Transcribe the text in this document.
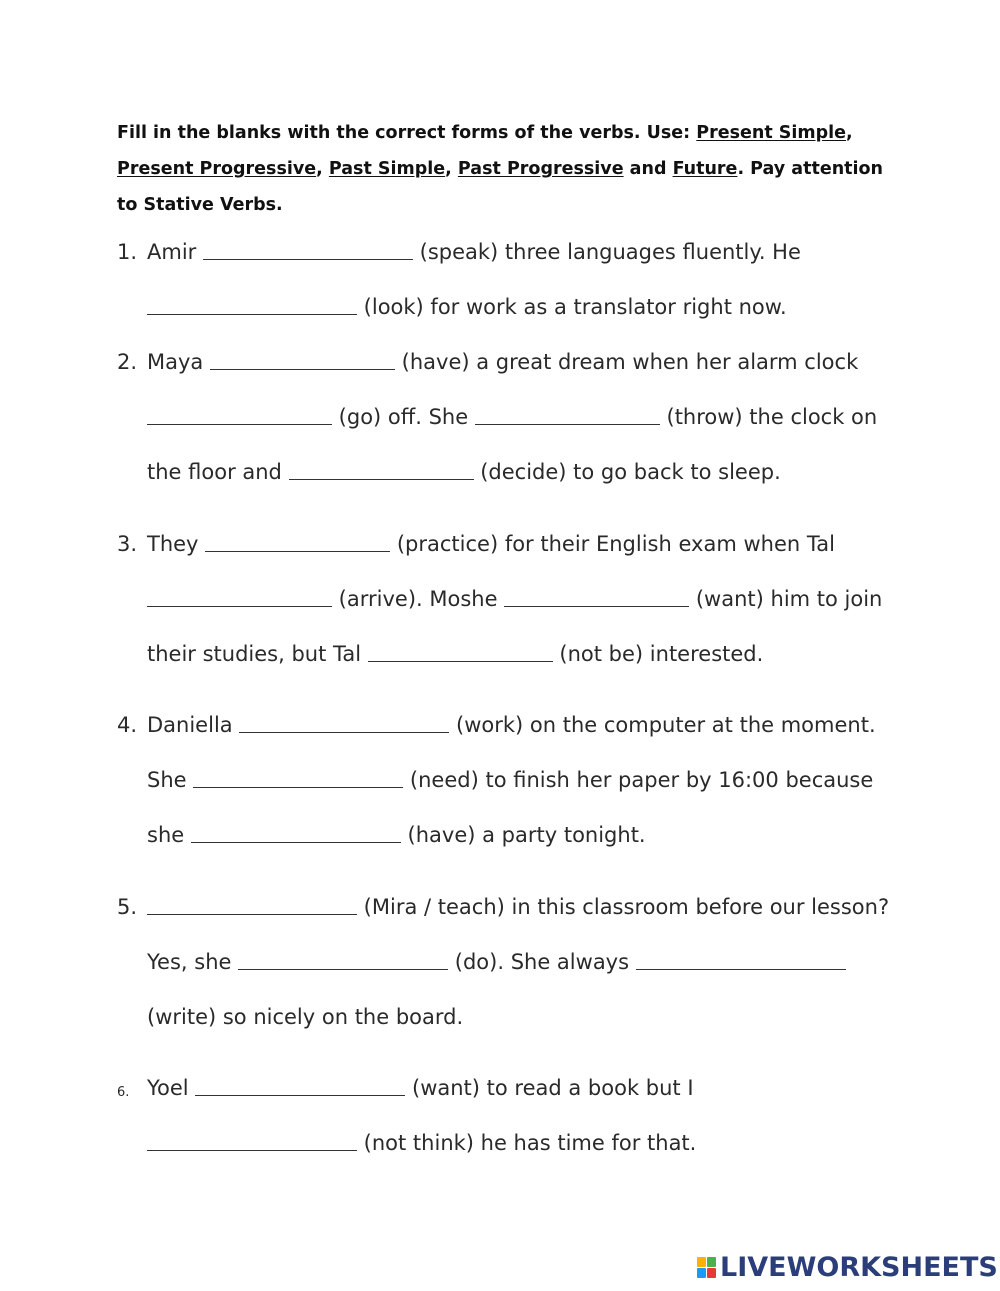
Fill in the blanks with the correct forms of the verbs. Use: Present Simple, Present Progressive, Past Simple, Past Progressive and Future. Pay attention to Stative Verbs.
1. Amir	(speak) three languages fluently. He
(look) for work as a translator right now.
2. Maya	(have) a great dream when her alarm clock
(go) off. She	(throw) the clock on
the floor and	(decide) to go back to sleep.
3. They	(practice) for their English exam when Tal
(arrive). Moshe	(want) him to join
their studies, but Tal	(not be) interested.
4. Daniella	(work) on the computer at the moment.
She	(need) to finish her paper by 16:00 because
she	(have) a party tonight.
5.	(Mira / teach) in this classroom before our lesson?
Yes, she	(do). She always
(write) so nicely on the board.
6. Yoel	(want) to read a book but I
(not think) he has time for that.
LIVEWORKSHEETS
